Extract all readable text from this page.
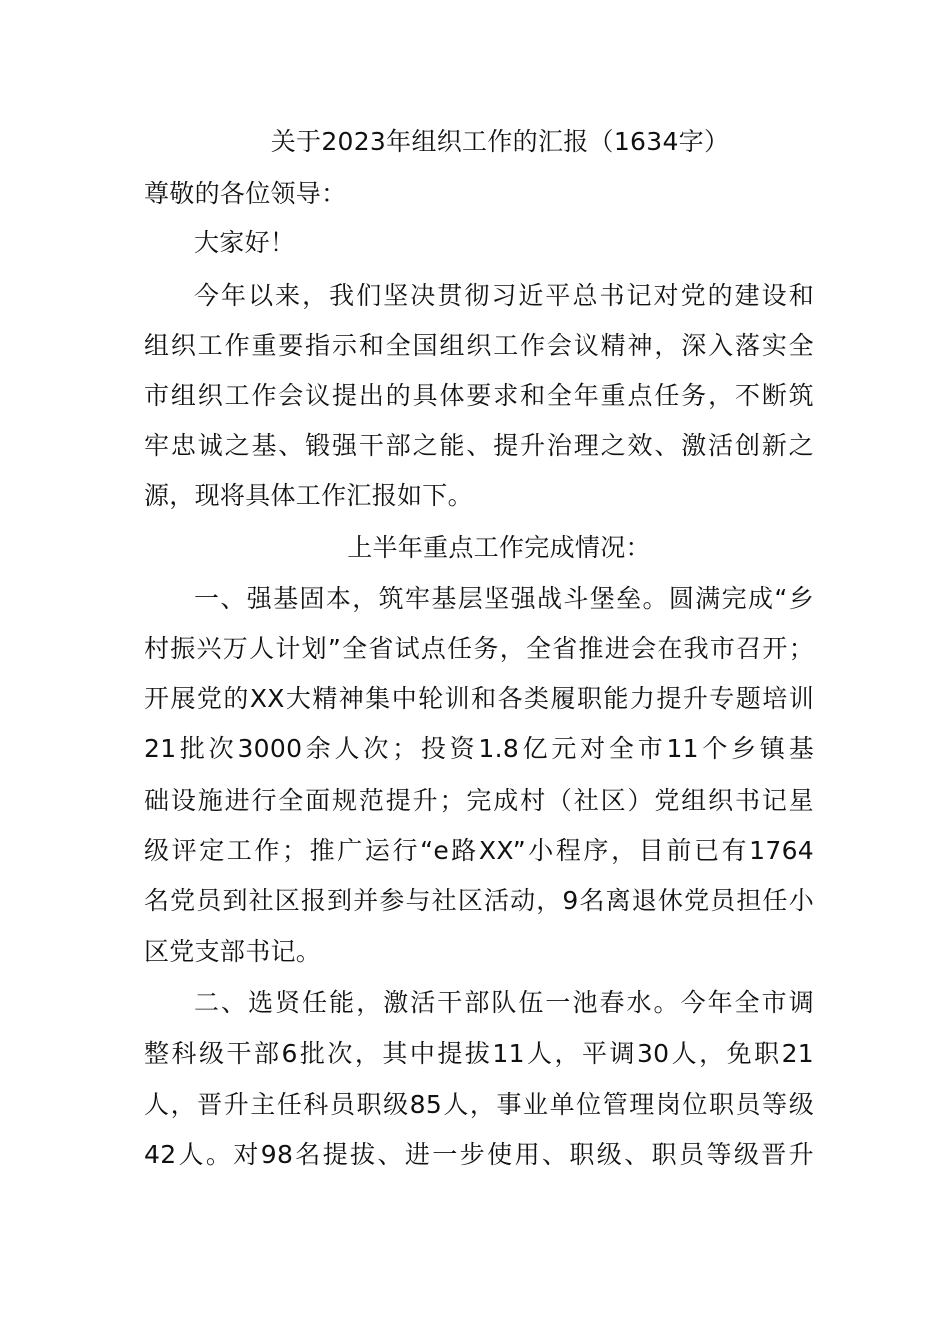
关于2023年组织工作的汇报（1634字）
尊敬的各位领导：
大家好！
今年以来，我们坚决贯彻习近平总书记对党的建设和
组织工作重要指示和全国组织工作会议精神，深入落实全
市组织工作会议提出的具体要求和全年重点任务，不断筑
牢忠诚之基、锻强干部之能、提升治理之效、激活创新之
源，现将具体工作汇报如下。
上半年重点工作完成情况：
一、强基固本，筑牢基层坚强战斗堡垒。圆满完成“乡
村振兴万人计划”全省试点任务，全省推进会在我市召开；
开展党的XX大精神集中轮训和各类履职能力提升专题培训
21批次3000余人次；投资1.8亿元对全市11个乡镇基
础设施进行全面规范提升；完成村（社区）党组织书记星
级评定工作；推广运行“e路XX”小程序，目前已有1764
名党员到社区报到并参与社区活动，9名离退休党员担任小
区党支部书记。
二、选贤任能，激活干部队伍一池春水。今年全市调
整科级干部6批次，其中提拔11人，平调30人，免职21
人，晋升主任科员职级85人，事业单位管理岗位职员等级
42人。对98名提拔、进一步使用、职级、职员等级晋升
